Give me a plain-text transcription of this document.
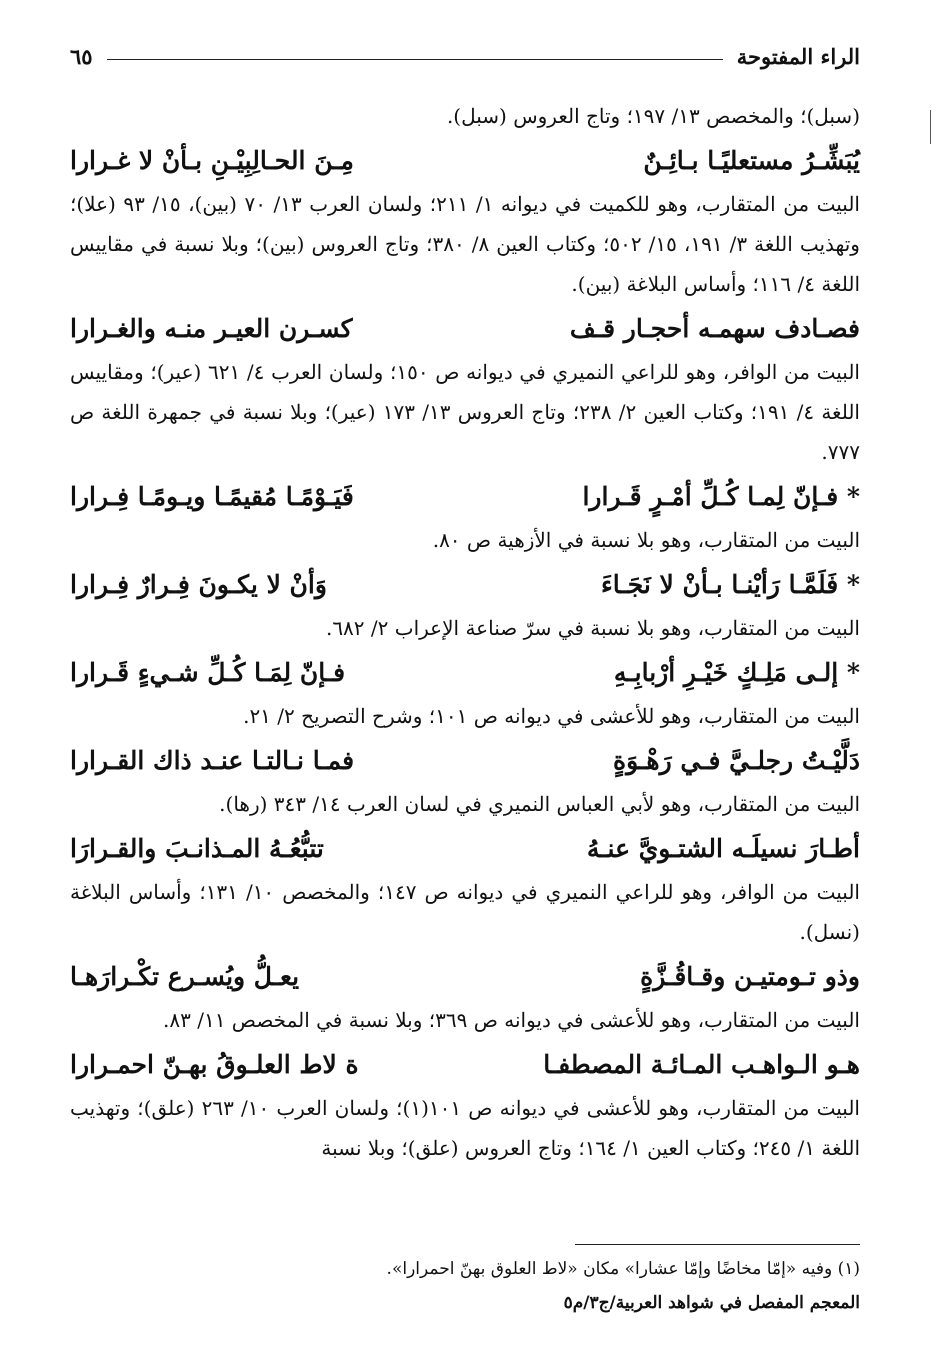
الراء المفتوحة
٦٥

(سبل)؛ والمخصص ١٣/ ١٩٧؛ وتاج العروس (سبل).

يُبَشِّـرُ مستعليًـا بـائِـنٌ
مِـنَ الحـالِبِيْـنِ بـأنْ لا غـرارا

البيت من المتقارب، وهو للكميت في ديوانه ١/ ٢١١؛ ولسان العرب ١٣/ ٧٠ (بين)، ١٥/ ٩٣ (علا)؛ وتهذيب اللغة ٣/ ١٩١، ١٥/ ٥٠٢؛ وكتاب العين ٨/ ٣٨٠؛ وتاج العروس (بين)؛ وبلا نسبة في مقاييس اللغة ٤/ ١١٦؛ وأساس البلاغة (بين).

فصـادف سهمـه أحجـار قـف
كسـرن العيـر منـه والغـرارا

البيت من الوافر، وهو للراعي النميري في ديوانه ص ١٥٠؛ ولسان العرب ٤/ ٦٢١ (عير)؛ ومقاييس اللغة ٤/ ١٩١؛ وكتاب العين ٢/ ٢٣٨؛ وتاج العروس ١٣/ ١٧٣ (عير)؛ وبلا نسبة في جمهرة اللغة ص ٧٧٧.

* فـإنّ لِمـا كُـلِّ أمْـرٍ قَـرارا
فَيَـوْمًـا مُقيمًـا ويـومًـا فِـرارا

البيت من المتقارب، وهو بلا نسبة في الأزهية ص ٨٠.

* فَلَمَّـا رَأيْنـا بـأنْ لا نَجَـاءَ
وَأنْ لا يكـونَ فِـرارٌ فِـرارا

البيت من المتقارب، وهو بلا نسبة في سرّ صناعة الإعراب ٢/ ٦٨٢.

* إلـى مَلِـكٍ خَيْـرِ أرْبابِـهِ
فـإنّ لِمَـا كُـلِّ شـيءٍ قَـرارا

البيت من المتقارب، وهو للأعشى في ديوانه ص ١٠١؛ وشرح التصريح ٢/ ٢١.

دَلَّيْـتُ رجلـيَّ فـي رَهْـوَةٍ
فمـا نـالتـا عنـد ذاك القـرارا

البيت من المتقارب، وهو لأبي العباس النميري في لسان العرب ١٤/ ٣٤٣ (رها).

أطـارَ نسيلَـه الشتـويَّ عنـهُ
تتبُّعُـهُ المـذانـبَ والقـرارَا

البيت من الوافر، وهو للراعي النميري في ديوانه ص ١٤٧؛ والمخصص ١٠/ ١٣١؛ وأساس البلاغة (نسل).

وذو تـومتيـن وقـاقُـزَّةٍ
يعـلُّ ويُسـرع تكْـرارَهـا

البيت من المتقارب، وهو للأعشى في ديوانه ص ٣٦٩؛ وبلا نسبة في المخصص ١١/ ٨٣.

هـو الـواهـب المـائـة المصطفـا
ة لاط العلـوقُ بهـنّ احمـرارا

البيت من المتقارب، وهو للأعشى في ديوانه ص ١٠١(١)؛ ولسان العرب ١٠/ ٢٦٣ (علق)؛ وتهذيب اللغة ١/ ٢٤٥؛ وكتاب العين ١/ ١٦٤؛ وتاج العروس (علق)؛ وبلا نسبة

(١) وفيه «إمّا مخاضًا وإمّا عشارا» مكان «لاط العلوق بهنّ احمرارا».
المعجم المفصل في شواهد العربية/ج٣/م٥
